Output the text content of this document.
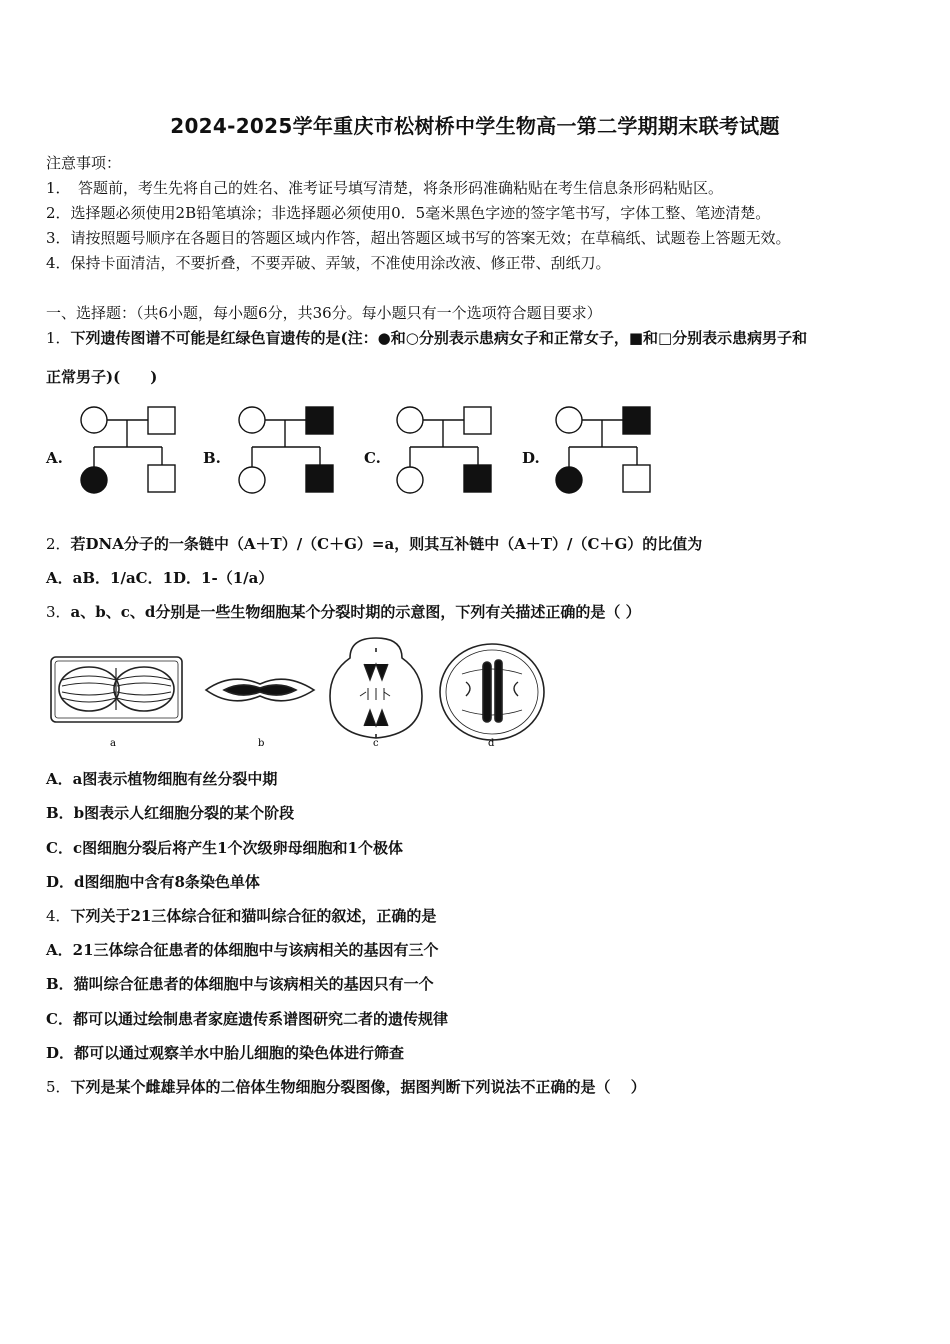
2024-2025学年重庆市松树桥中学生物高一第二学期期末联考试题
注意事项：
1．　答题前，考生先将自己的姓名、准考证号填写清楚，将条形码准确粘贴在考生信息条形码粘贴区。
2．选择题必须使用2B铅笔填涂；非选择题必须使用0．5毫米黑色字迹的签字笔书写，字体工整、笔迹清楚。
3．请按照题号顺序在各题目的答题区域内作答，超出答题区域书写的答案无效；在草稿纸、试题卷上答题无效。
4．保持卡面清洁，不要折叠，不要弄破、弄皱，不准使用涂改液、修正带、刮纸刀。
一、选择题：（共6小题，每小题6分，共36分。每小题只有一个选项符合题目要求）
1．下列遗传图谱不可能是红绿色盲遗传的是(注：●和○分别表示患病女子和正常女子，■和□分别表示患病男子和
正常男子)(　　)
A.	B.	C.	D.
2．若DNA分子的一条链中（A＋T）/（C＋G）=a，则其互补链中（A＋T）/（C＋G）的比值为
A．aB．1/aC．1D．1-（1/a）
3．a、b、c、d分别是一些生物细胞某个分裂时期的示意图，下列有关描述正确的是（ ）
a	b	c	d
A．a图表示植物细胞有丝分裂中期
B．b图表示人红细胞分裂的某个阶段
C．c图细胞分裂后将产生1个次级卵母细胞和1个极体
D．d图细胞中含有8条染色单体
4．下列关于21三体综合征和猫叫综合征的叙述，正确的是
A．21三体综合征患者的体细胞中与该病相关的基因有三个
B．猫叫综合征患者的体细胞中与该病相关的基因只有一个
C．都可以通过绘制患者家庭遗传系谱图研究二者的遗传规律
D．都可以通过观察羊水中胎儿细胞的染色体进行筛查
5．下列是某个雌雄异体的二倍体生物细胞分裂图像，据图判断下列说法不正确的是（　 ）
